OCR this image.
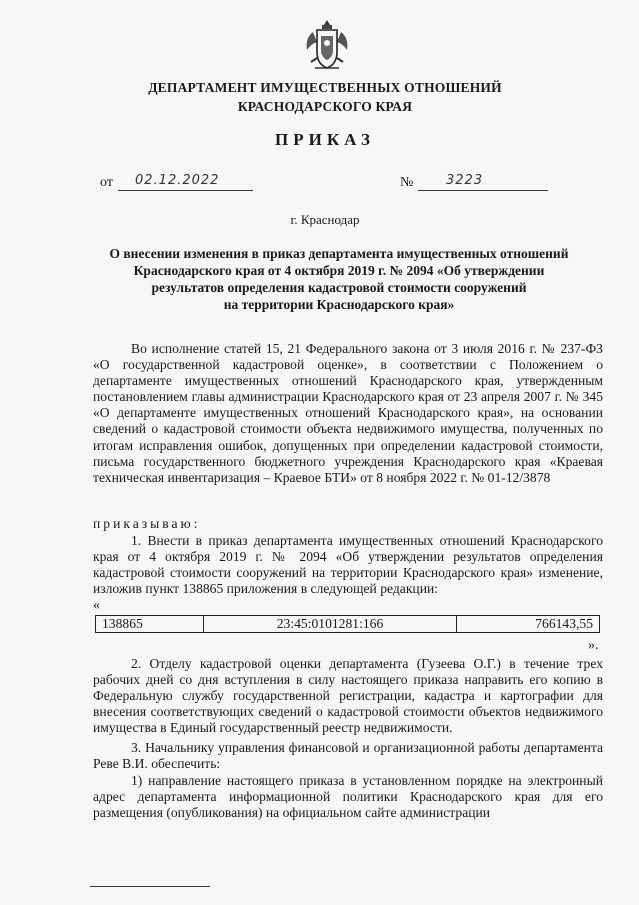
ДЕПАРТАМЕНТ ИМУЩЕСТВЕННЫХ ОТНОШЕНИЙ
КРАСНОДАРСКОГО КРАЯ
ПРИКАЗ
от 02.12.2022	№	3223
г. Краснодар
О внесении изменения в приказ департамента имущественных отношений
Краснодарского края от 4 октября 2019 г. № 2094 «Об утверждении
результатов определения кадастровой стоимости сооружений
на территории Краснодарского края»
Во исполнение статей 15, 21 Федерального закона от 3 июля 2016 г. № 237-ФЗ «О государственной кадастровой оценке», в соответствии с Положением о департаменте имущественных отношений Краснодарского края, утвержденным постановлением главы администрации Краснодарского края от 23 апреля 2007 г. № 345 «О департаменте имущественных отношений Краснодарского края», на основании сведений о кадастровой стоимости объекта недвижимого имущества, полученных по итогам исправления ошибок, допущенных при определении кадастровой стоимости, письма государственного бюджетного учреждения Краснодарского края «Краевая техническая инвентаризация – Краевое БТИ» от 8 ноября 2022 г. № 01-12/3878
приказываю:
1. Внести в приказ департамента имущественных отношений Краснодарского края от 4 октября 2019 г. № 2094 «Об утверждении результатов определения кадастровой стоимости сооружений на территории Краснодарского края» изменение, изложив пункт 138865 приложения в следующей редакции:
«
138865	23:45:0101281:166	766143,55
».
2. Отделу кадастровой оценки департамента (Гузеева О.Г.) в течение трех рабочих дней со дня вступления в силу настоящего приказа направить его копию в Федеральную службу государственной регистрации, кадастра и картографии для внесения соответствующих сведений о кадастровой стоимости объектов недвижимого имущества в Единый государственный реестр недвижимости.
3. Начальнику управления финансовой и организационной работы департамента Реве В.И. обеспечить:
1) направление настоящего приказа в установленном порядке на электронный адрес департамента информационной политики Краснодарского края для его размещения (опубликования) на официальном сайте администрации
